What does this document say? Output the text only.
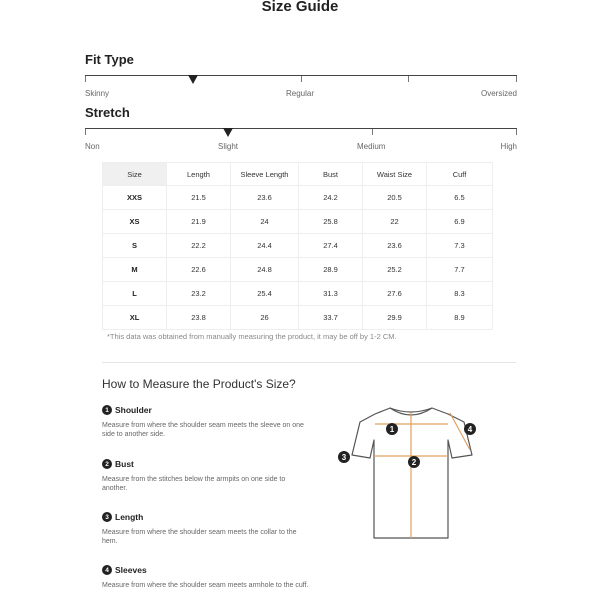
Size Guide
Fit Type
Skinny	Regular	Oversized
Stretch
Non	Slight	Medium	High
Size	Length	Sleeve Length	Bust	Waist Size	Cuff
XXS	21.5	23.6	24.2	20.5	6.5
XS	21.9	24	25.8	22	6.9
S	22.2	24.4	27.4	23.6	7.3
M	22.6	24.8	28.9	25.2	7.7
L	23.2	25.4	31.3	27.6	8.3
XL	23.8	26	33.7	29.9	8.9
*This data was obtained from manually measuring the product, it may be off by 1-2 CM.
How to Measure the Product's Size?
1 Shoulder
Measure from where the shoulder seam meets the sleeve on one side to another side.
2 Bust
Measure from the stitches below the armpits on one side to another.
3 Length
Measure from where the shoulder seam meets the collar to the hem.
4 Sleeves
Measure from where the shoulder seam meets armhole to the cuff.
1
2
3
4
